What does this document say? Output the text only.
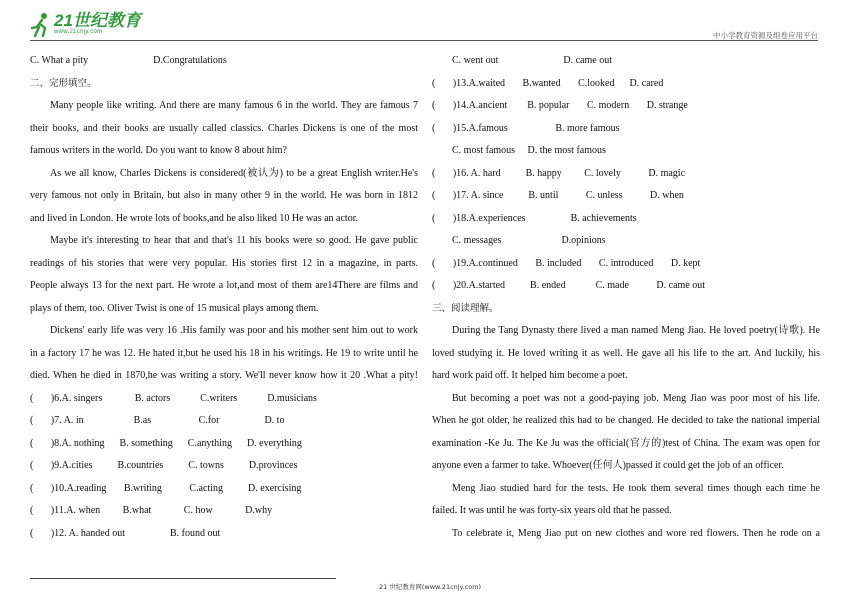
21世纪教育
www.21cnjy.com	中小学教育资源及组卷应用平台
C. What a pity                          D.Congratulations
二、完形填空。
Many people like writing. And there are many famous 6 in the world. They are famous 7
their books, and their books are usually called classics. Charles Dickens is one of the most
famous writers in the world. Do you want to know 8 about him?
As we all know, Charles Dickens is considered(被认为) to be a great English writer.He's
very famous not only in Britain, but also in many other 9 in the world. He was born in 1812
and lived in London. He wrote lots of books,and he also liked 10 He was an actor.
Maybe it's interesting to hear that and that's 11 his books were so good. He gave public
readings of his stories that were very popular. His stories first 12 in a magazine, in parts.
People always 13 for the next part. He wrote a lot,and most of them are14There are films and
plays of them, too. Oliver Twist is one of 15 musical plays among them.
Dickens' early life was very 16 .His family was poor and his mother sent him out to work
in a factory 17 he was 12. He hated it,but he used his 18 in his writings. He 19 to write until he
died. When he died in 1870,he was writing a story. We'll never know how it 20 .What a pity!
(       )6.A. singers             B. actors            C.writers            D.musicians
(       )7. A. in                    B.as                   C.for                  D. to
(       )8.A. nothing      B. something      C.anything      D. everything
(       )9.A.cities          B.countries          C. towns          D.provinces
(       )10.A.reading       B.writing           C.acting          D. exercising
(       )11.A. when         B.what             C. how             D.why
(       )12. A. handed out                  B. found out
C. went out                          D. came out
(       )13.A.waited       B.wanted       C.looked      D. cared
(       )14.A.ancient        B. popular       C. modern       D. strange
(       )15.A.famous                   B. more famous
C. most famous     D. the most famous
(       )16. A. hard          B. happy         C. lovely           D. magic
(       )17. A. since          B. until           C. unless           D. when
(       )18.A.experiences                  B. achievements
C. messages                        D.opinions
(       )19.A.continued       B. included       C. introduced       D. kept
(       )20.A.started          B. ended            C. made           D. came out
三、阅读理解。
During the Tang Dynasty there lived a man named Meng Jiao. He loved poetry(诗歌). He
loved studying it. He loved writing it as well. He gave all his life to the art. And luckily, his
hard work paid off. It helped him become a poet.
But becoming a poet was not a good-paying job. Meng Jiao was poor most of his life.
When he got older, he realized this had to be changed. He decided to take the national imperial
examination -Ke Ju. The Ke Ju was the official(官方的)test of China. The exam was open for
anyone even a farmer to take. Whoever(任何人)passed it could get the job of an officer.
Meng Jiao studied hard for the tests. He took them several times though each time he
failed. It was until he was forty-six years old that he passed.
To celebrate it, Meng Jiao put on new clothes and wore red flowers. Then he rode on a
21 世纪教育网(www.21cnjy.com)
